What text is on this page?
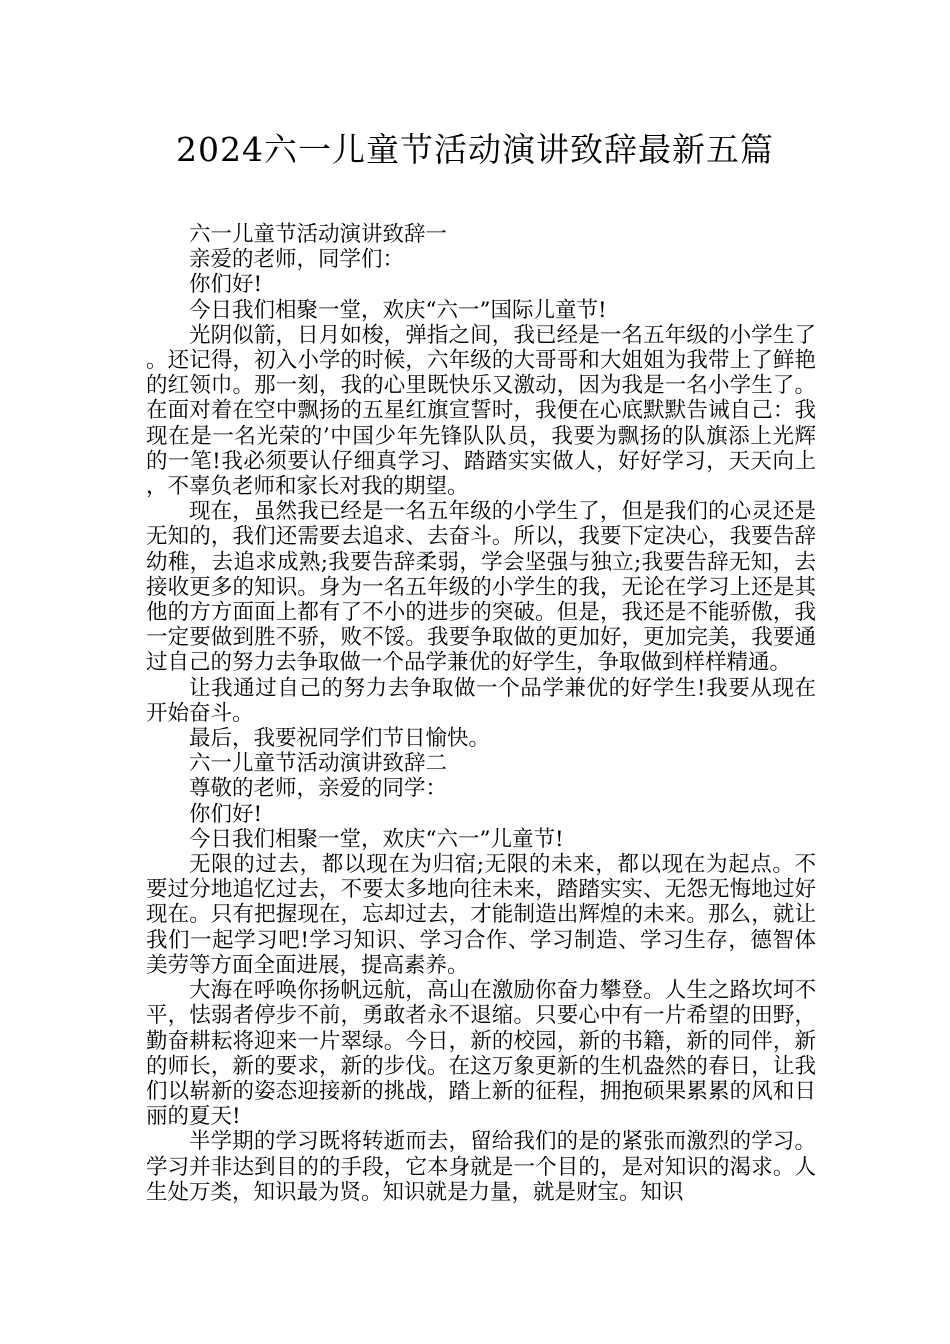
2024六一儿童节活动演讲致辞最新五篇

六一儿童节活动演讲致辞一

亲爱的老师，同学们：

你们好!

今日我们相聚一堂，欢庆“六一”国际儿童节!

光阴似箭，日月如梭，弹指之间，我已经是一名五年级的小学生了。还记得，初入小学的时候，六年级的大哥哥和大姐姐为我带上了鲜艳的红领巾。那一刻，我的心里既快乐又激动，因为我是一名小学生了。在面对着在空中飘扬的五星红旗宣誓时，我便在心底默默告诫自己：我现在是一名光荣的’中国少年先锋队队员，我要为飘扬的队旗添上光辉的一笔!我必须要认仔细真学习、踏踏实实做人，好好学习，天天向上，不辜负老师和家长对我的期望。

现在，虽然我已经是一名五年级的小学生了，但是我们的心灵还是无知的，我们还需要去追求、去奋斗。所以，我要下定决心，我要告辞幼稚，去追求成熟;我要告辞柔弱，学会坚强与独立;我要告辞无知，去接收更多的知识。身为一名五年级的小学生的我，无论在学习上还是其他的方方面面上都有了不小的进步的突破。但是，我还是不能骄傲，我一定要做到胜不骄，败不馁。我要争取做的更加好，更加完美，我要通过自己的努力去争取做一个品学兼优的好学生，争取做到样样精通。

让我通过自己的努力去争取做一个品学兼优的好学生!我要从现在开始奋斗。

最后，我要祝同学们节日愉快。

六一儿童节活动演讲致辞二

尊敬的老师，亲爱的同学：

你们好!

今日我们相聚一堂，欢庆“六一”儿童节!

无限的过去，都以现在为归宿;无限的未来，都以现在为起点。不要过分地追忆过去，不要太多地向往未来，踏踏实实、无怨无悔地过好现在。只有把握现在，忘却过去，才能制造出辉煌的未来。那么，就让我们一起学习吧!学习知识、学习合作、学习制造、学习生存，德智体美劳等方面全面进展，提高素养。

大海在呼唤你扬帆远航，高山在激励你奋力攀登。人生之路坎坷不平，怯弱者停步不前，勇敢者永不退缩。只要心中有一片希望的田野，勤奋耕耘将迎来一片翠绿。今日，新的校园，新的书籍，新的同伴，新的师长，新的要求，新的步伐。在这万象更新的生机盎然的春日，让我们以崭新的姿态迎接新的挑战，踏上新的征程，拥抱硕果累累的风和日丽的夏天!

半学期的学习既将转逝而去，留给我们的是的紧张而激烈的学习。学习并非达到目的的手段，它本身就是一个目的，是对知识的渴求。人生处万类，知识最为贤。知识就是力量，就是财宝。知识
